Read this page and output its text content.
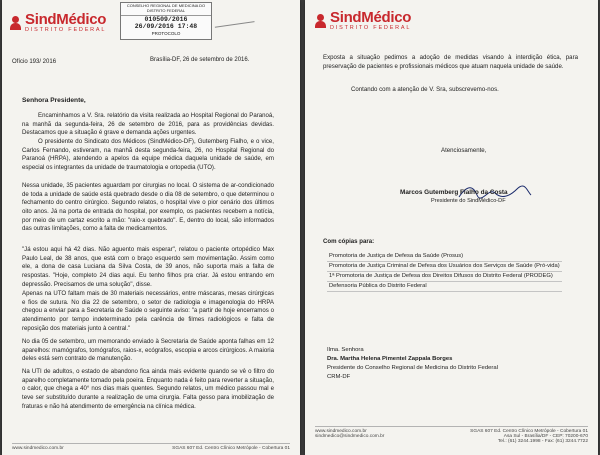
SindMédico
DISTRITO FEDERAL
CONSELHO REGIONAL DE MEDICINA DO DISTRITO FEDERAL
010509/2016
26/09/2016 17:48
PROTOCOLO
Ofício 193/ 2016	Brasília-DF, 26 de setembro de 2016.
Senhora Presidente,
Encaminhamos a V. Sra. relatório da visita realizada ao Hospital Regional do Paranoá, na manhã da segunda-feira, 26 de setembro de 2016, para as providências devidas. Destacamos que a situação é grave e demanda ações urgentes.
O presidente do Sindicato dos Médicos (SindMédico-DF), Gutemberg Fialho, e o vice, Carlos Fernando, estiveram, na manhã desta segunda-feira, 26, no Hospital Regional do Paranoá (HRPA), atendendo a apelos da equipe médica daquela unidade de saúde, em especial os integrantes da unidade de traumatologia e ortopedia (UTO).
Nessa unidade, 35 pacientes aguardam por cirurgias no local. O sistema de ar-condicionado de toda a unidade de saúde está quebrado desde o dia 08 de setembro, o que determinou o fechamento do centro cirúrgico. Segundo relatos, o hospital vive o pior cenário dos últimos oito anos. Já na porta de entrada do hospital, por exemplo, os pacientes recebem a notícia, por meio de um cartaz escrito a mão: "raio-x quebrado". E, dentro do local, são informados das outras limitações, como a falta de medicamentos.
"Já estou aqui há 42 dias. Não aguento mais esperar", relatou o paciente ortopédico Max Paulo Leal, de 38 anos, que está com o braço esquerdo sem movimentação. Assim como ele, a dona de casa Luciana da Silva Costa, de 39 anos, não suporta mais a falta de respostas. "Hoje, completo 24 dias aqui. Eu tenho filhos pra criar. Já estou entrando em depressão. Precisamos de uma solução", disse.
Apenas na UTO faltam mais de 30 materiais necessários, entre máscaras, mesas cirúrgicas e fios de sutura. No dia 22 de setembro, o setor de radiologia e imagenologia do HRPA chegou a enviar para a Secretaria de Saúde o seguinte aviso: "a partir de hoje encerramos o atendimento por tempo indeterminado pela carência de filmes radiológicos e falta de reposição dos materiais junto à central."
No dia 05 de setembro, um memorando enviado à Secretaria de Saúde aponta falhas em 12 aparelhos: mamógrafos, tomógrafos, raios-x, ecógrafos, escopia e arcos cirúrgicos. A maioria deles está sem contrato de manutenção.
Na UTI de adultos, o estado de abandono fica ainda mais evidente quando se vê o filtro do aparelho completamente tomado pela poeira. Enquanto nada é feito para reverter a situação, o calor, que chega a 40° nos dias mais quentes. Segundo relatos, um médico passou mal e teve ser substituído durante a realização de uma cirurgia. Falta gesso para imobilização de fraturas e não há atendimento de emergência na clínica médica.
www.sindmedico.com.br	SGAS 607 Ed. Centro Clínico Metrópole - Cobertura 01
SindMédico
DISTRITO FEDERAL
Exposta a situação pedimos a adoção de medidas visando à interdição ética, para preservação de pacientes e profissionais médicos que atuam naquela unidade de saúde.
Contando com a atenção de V. Sra, subscrevemo-nos.
Atenciosamente,
Marcos Gutemberg Fialho da Costa
Presidente do SindMédico-DF
Com cópias para:
Promotoria de Justiça de Defesa da Saúde (Prosus)
Promotoria de Justiça Criminal de Defesa dos Usuários dos Serviços de Saúde (Pró-vida)
1ª Promotoria de Justiça de Defesa dos Direitos Difusos do Distrito Federal (PRODEG)
Defensoria Pública do Distrito Federal
Ilma. Senhora
Dra. Martha Helena Pimentel Zappala Borges
Presidente do Conselho Regional de Medicina do Distrito Federal
CRM-DF
www.sindmedico.com.br
sindmedico@sindmedico.com.br
SGAS 607 Ed. Centro Clínico Metrópole - Cobertura 01
Asa Sul - Brasília/DF - CEP: 70200-670
Tel.: (61) 3244.1998 - Fax: (61) 3244.7722
